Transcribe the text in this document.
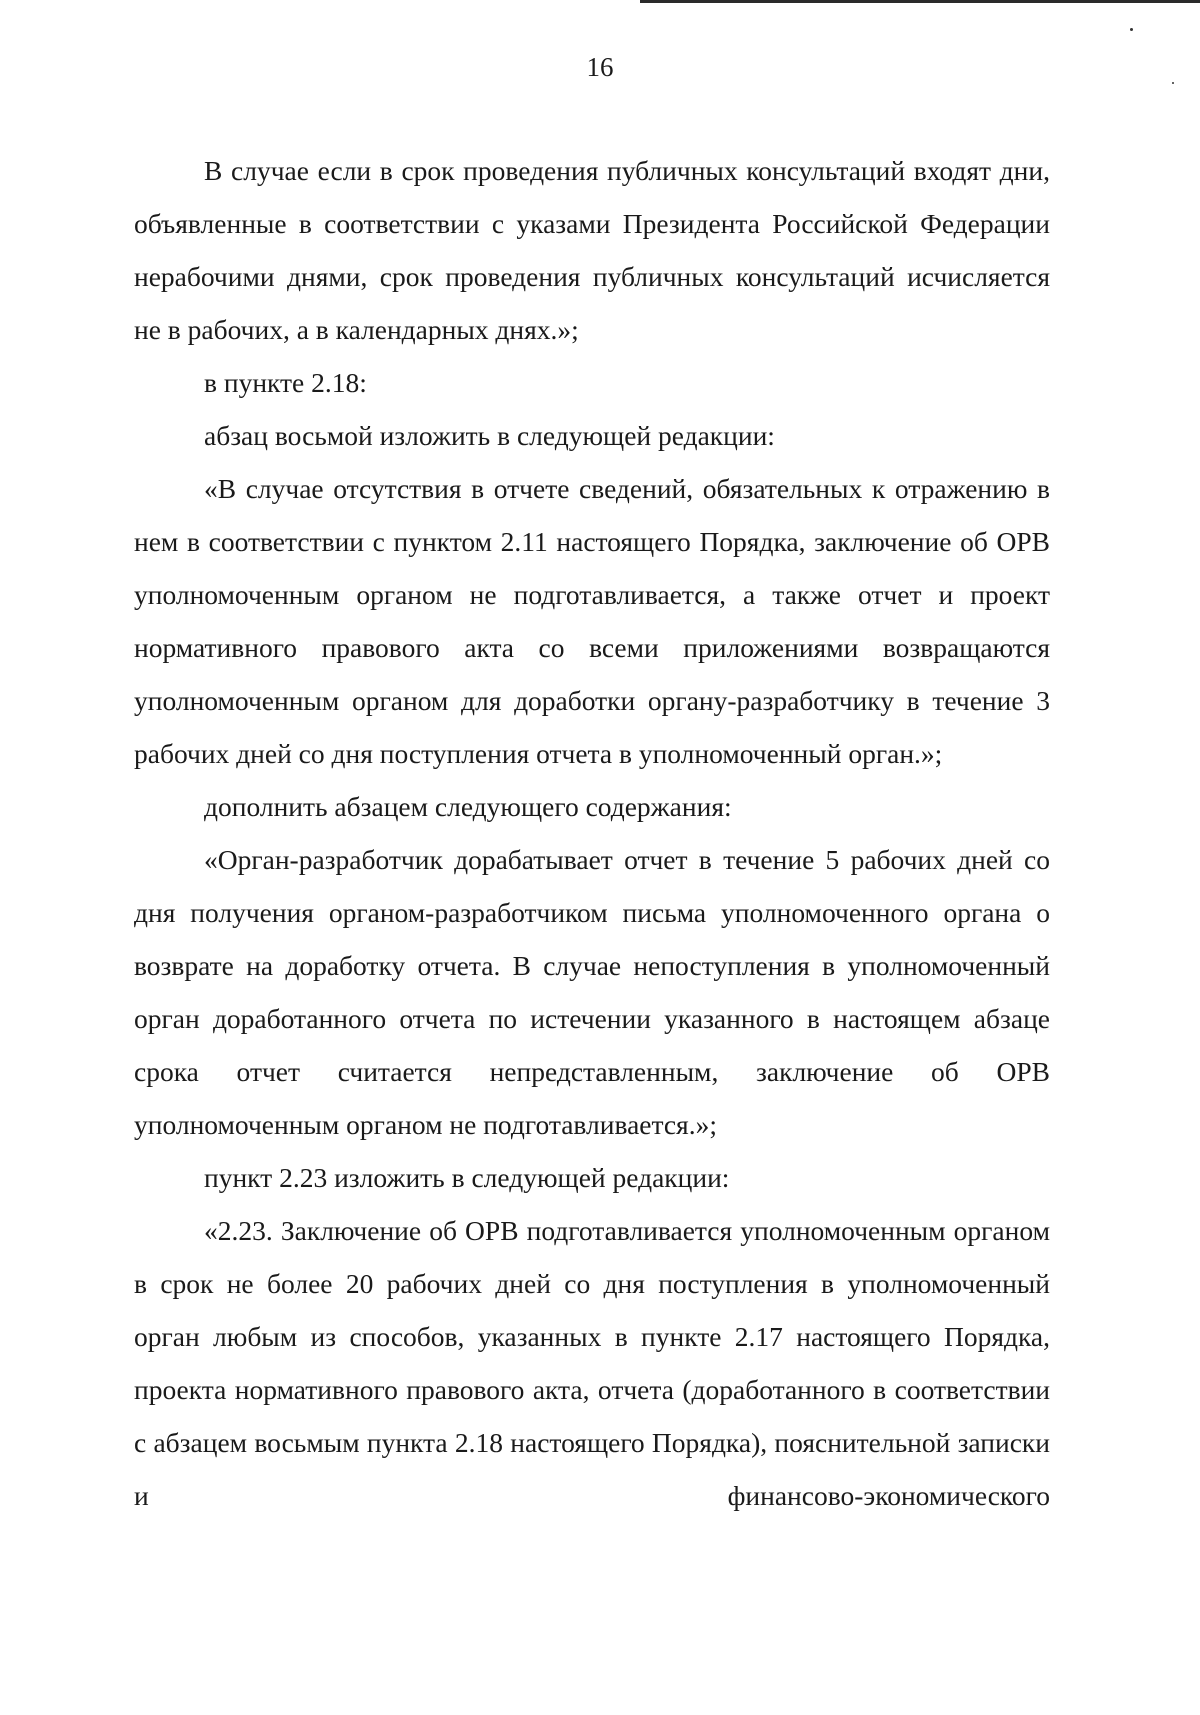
16

В случае если в срок проведения публичных консультаций входят дни, объявленные в соответствии с указами Президента Российской Федерации нерабочими днями, срок проведения публичных консультаций исчисляется не в рабочих, а в календарных днях.»;

в пункте 2.18:

абзац восьмой изложить в следующей редакции:

«В случае отсутствия в отчете сведений, обязательных к отражению в нем в соответствии с пунктом 2.11 настоящего Порядка, заключение об ОРВ уполномоченным органом не подготавливается, а также отчет и проект нормативного правового акта со всеми приложениями возвращаются уполномоченным органом для доработки органу-разработчику в течение 3 рабочих дней со дня поступления отчета в уполномоченный орган.»;

дополнить абзацем следующего содержания:

«Орган-разработчик дорабатывает отчет в течение 5 рабочих дней со дня получения органом-разработчиком письма уполномоченного органа о возврате на доработку отчета. В случае непоступления в уполномоченный орган доработанного отчета по истечении указанного в настоящем абзаце срока отчет считается непредставленным, заключение об ОРВ уполномоченным органом не подготавливается.»;

пункт 2.23 изложить в следующей редакции:

«2.23. Заключение об ОРВ подготавливается уполномоченным органом в срок не более 20 рабочих дней со дня поступления в уполномоченный орган любым из способов, указанных в пункте 2.17 настоящего Порядка, проекта нормативного правового акта, отчета (доработанного в соответствии с абзацем восьмым пункта 2.18 настоящего Порядка), пояснительной записки и финансово-экономического
